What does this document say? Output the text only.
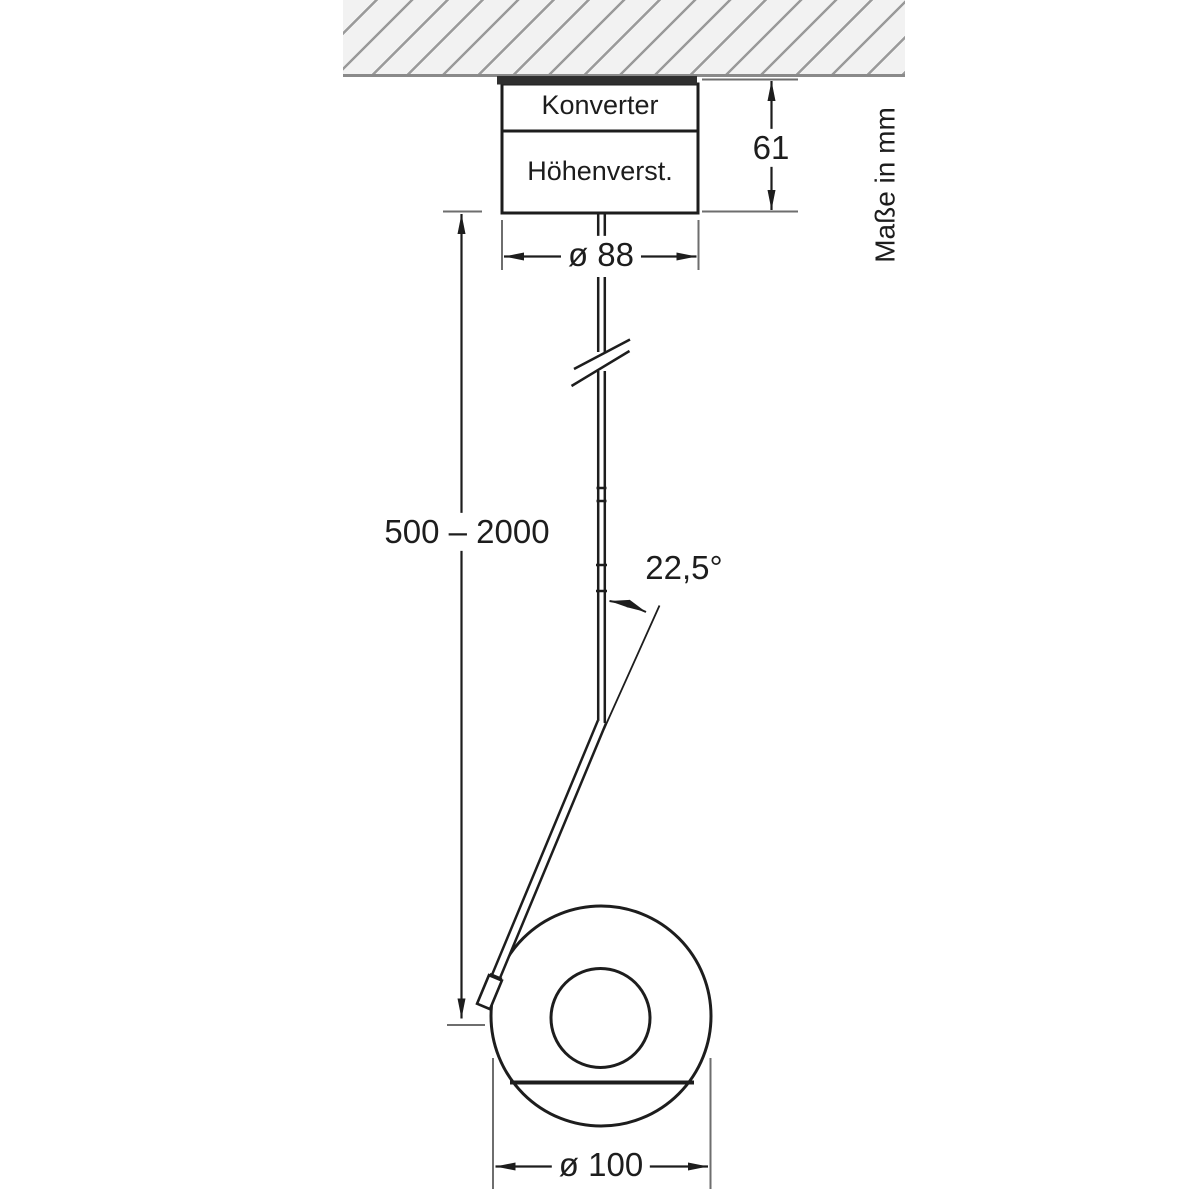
Konverter
Höhenverst.
61	Maße in mm
ø 88
500 – 2000
22,5°
ø 100
